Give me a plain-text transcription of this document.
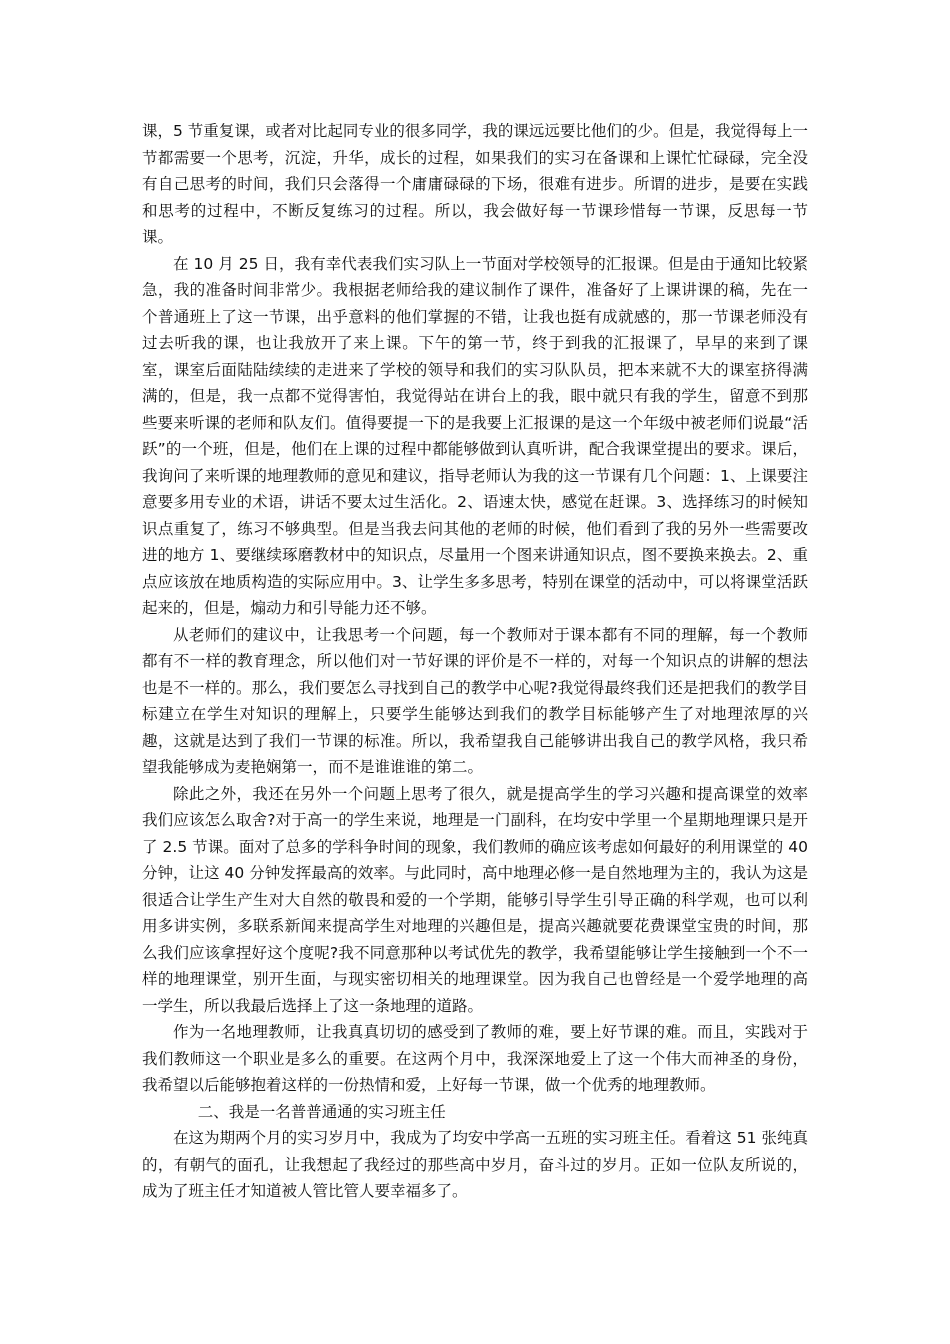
课，5 节重复课，或者对比起同专业的很多同学，我的课远远要比他们的少。但是，我觉得每上一节都需要一个思考，沉淀，升华，成长的过程，如果我们的实习在备课和上课忙忙碌碌，完全没有自己思考的时间，我们只会落得一个庸庸碌碌的下场，很难有进步。所谓的进步，是要在实践和思考的过程中，不断反复练习的过程。所以，我会做好每一节课珍惜每一节课，反思每一节课。

在 10 月 25 日，我有幸代表我们实习队上一节面对学校领导的汇报课。但是由于通知比较紧急，我的准备时间非常少。我根据老师给我的建议制作了课件，准备好了上课讲课的稿，先在一个普通班上了这一节课，出乎意料的他们掌握的不错，让我也挺有成就感的，那一节课老师没有过去听我的课，也让我放开了来上课。下午的第一节，终于到我的汇报课了，早早的来到了课室，课室后面陆陆续续的走进来了学校的领导和我们的实习队队员，把本来就不大的课室挤得满满的，但是，我一点都不觉得害怕，我觉得站在讲台上的我，眼中就只有我的学生，留意不到那些要来听课的老师和队友们。值得要提一下的是我要上汇报课的是这一个年级中被老师们说最“活跃”的一个班，但是，他们在上课的过程中都能够做到认真听讲，配合我课堂提出的要求。课后，我询问了来听课的地理教师的意见和建议，指导老师认为我的这一节课有几个问题：1、上课要注意要多用专业的术语，讲话不要太过生活化。2、语速太快，感觉在赶课。3、选择练习的时候知识点重复了，练习不够典型。但是当我去问其他的老师的时候，他们看到了我的另外一些需要改进的地方 1、要继续琢磨教材中的知识点，尽量用一个图来讲通知识点，图不要换来换去。2、重点应该放在地质构造的实际应用中。3、让学生多多思考，特别在课堂的活动中，可以将课堂活跃起来的，但是，煽动力和引导能力还不够。

从老师们的建议中，让我思考一个问题，每一个教师对于课本都有不同的理解，每一个教师都有不一样的教育理念，所以他们对一节好课的评价是不一样的，对每一个知识点的讲解的想法也是不一样的。那么，我们要怎么寻找到自己的教学中心呢?我觉得最终我们还是把我们的教学目标建立在学生对知识的理解上，只要学生能够达到我们的教学目标能够产生了对地理浓厚的兴趣，这就是达到了我们一节课的标准。所以，我希望我自己能够讲出我自己的教学风格，我只希望我能够成为麦艳娴第一，而不是谁谁谁的第二。

除此之外，我还在另外一个问题上思考了很久，就是提高学生的学习兴趣和提高课堂的效率我们应该怎么取舍?对于高一的学生来说，地理是一门副科，在均安中学里一个星期地理课只是开了 2.5 节课。面对了总多的学科争时间的现象，我们教师的确应该考虑如何最好的利用课堂的 40 分钟，让这 40 分钟发挥最高的效率。与此同时，高中地理必修一是自然地理为主的，我认为这是很适合让学生产生对大自然的敬畏和爱的一个学期，能够引导学生引导正确的科学观，也可以利用多讲实例，多联系新闻来提高学生对地理的兴趣但是，提高兴趣就要花费课堂宝贵的时间，那么我们应该拿捏好这个度呢?我不同意那种以考试优先的教学，我希望能够让学生接触到一个不一样的地理课堂，别开生面，与现实密切相关的地理课堂。因为我自己也曾经是一个爱学地理的高一学生，所以我最后选择上了这一条地理的道路。

作为一名地理教师，让我真真切切的感受到了教师的难，要上好节课的难。而且，实践对于我们教师这一个职业是多么的重要。在这两个月中，我深深地爱上了这一个伟大而神圣的身份，我希望以后能够抱着这样的一份热情和爱，上好每一节课，做一个优秀的地理教师。

二、我是一名普普通通的实习班主任

在这为期两个月的实习岁月中，我成为了均安中学高一五班的实习班主任。看着这 51 张纯真的，有朝气的面孔，让我想起了我经过的那些高中岁月，奋斗过的岁月。正如一位队友所说的，成为了班主任才知道被人管比管人要幸福多了。
